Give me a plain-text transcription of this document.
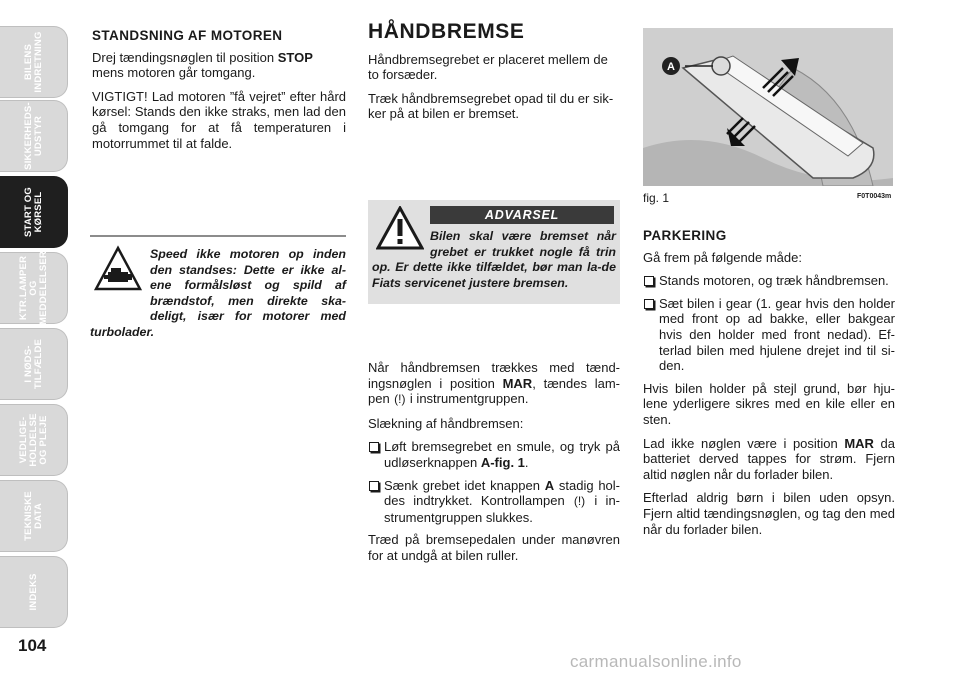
BILENS
INDRETNING
SIKKERHEDS-
UDSTYR
START OG
KØRSEL
KTR.LAMPER
OG
MEDDELELSER
I NØDS-
TILFÆLDE
VEDLIGE-
HOLDELSE
OG PLEJE
TEKNISKE
DATA
INDEKS
104
STANDSNING AF MOTOREN

Drej tændingsnøglen til position STOP mens motoren går tomgang.

VIGTIGT! Lad motoren ”få vejret” efter hård kørsel: Stands den ikke straks, men lad den gå tomgang for at få temperaturen i motorrummet til at falde.

Speed ikke motoren op inden den standses: Dette er ikke al-ene formålsløst og spild af brændstof, men direkte ska-deligt, især for motorer med turbolader.
HÅNDBREMSE

Håndbremsegrebet er placeret mellem de to forsæder.

Træk håndbremsegrebet opad til du er sik-ker på at bilen er bremset.

ADVARSEL
Bilen skal være bremset når grebet er trukket nogle få trin op. Er dette ikke tilfældet, bør man la-de Fiats servicenet justere bremsen.

Når håndbremsen trækkes med tænd-ingsnøglen i position MAR, tændes lam-pen (!) i instrumentgruppen.

Slækning af håndbremsen:

Løft bremsegrebet en smule, og tryk på udløserknappen A-fig. 1.
Sænk grebet idet knappen A stadig hol-des indtrykket. Kontrollampen (!) i in-strumentgruppen slukkes.

Træd på bremsepedalen under manøvren for at undgå at bilen ruller.

A
fig. 1	F0T0043m
PARKERING

Gå frem på følgende måde:

Stands motoren, og træk håndbremsen.
Sæt bilen i gear (1. gear hvis den holder med front op ad bakke, eller bakgear hvis den holder med front nedad). Ef-terlad bilen med hjulene drejet ind til si-den.

Hvis bilen holder på stejl grund, bør hju-lene yderligere sikres med en kile eller en sten.

Lad ikke nøglen være i position MAR da batteriet derved tappes for strøm. Fjern altid nøglen når du forlader bilen.

Efterlad aldrig børn i bilen uden opsyn. Fjern altid tændingsnøglen, og tag den med når du forlader bilen.

carmanualsonline.info
